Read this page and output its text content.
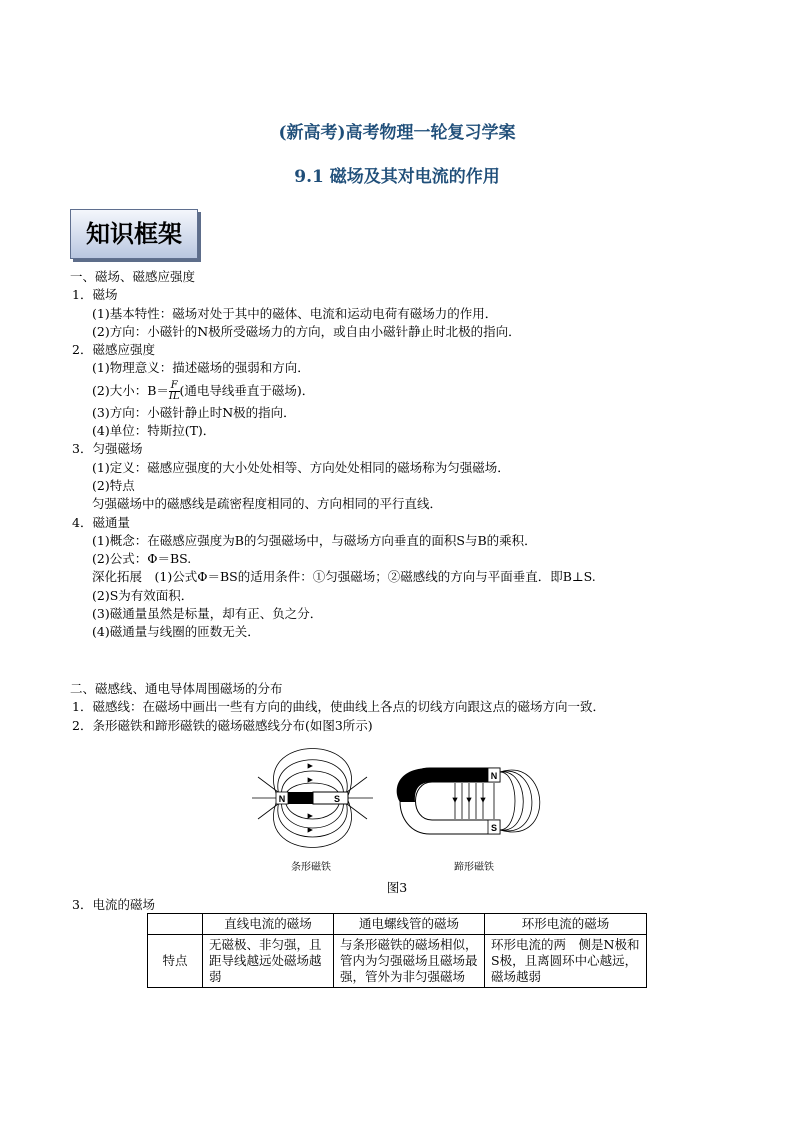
(新高考)高考物理一轮复习学案
9.1 磁场及其对电流的作用
知识框架
一、磁场、磁感应强度
1．磁场
(1)基本特性：磁场对处于其中的磁体、电流和运动电荷有磁场力的作用．
(2)方向：小磁针的N极所受磁场力的方向，或自由小磁针静止时北极的指向．
2．磁感应强度
(1)物理意义：描述磁场的强弱和方向．
(2)大小：$B= \frac{F}{IL}$ (通电导线垂直于磁场)．
(3)方向：小磁针静止时N极的指向．
(4)单位：特斯拉(T)．
3．匀强磁场
(1)定义：磁感应强度的大小处处相等、方向处处相同的磁场称为匀强磁场．
(2)特点
匀强磁场中的磁感线是疏密程度相同的、方向相同的平行直线．
4．磁通量
(1)概念：在磁感应强度为B的匀强磁场中，与磁场方向垂直的面积S与B的乘积．
(2)公式：Φ＝BS.
深化拓展　(1)公式Φ＝BS的适用条件：①匀强磁场；②磁感线的方向与平面垂直．即B⊥S.
(2)S为有效面积．
(3)磁通量虽然是标量，却有正、负之分．
(4)磁通量与线圈的匝数无关．
二、磁感线、通电导体周围磁场的分布
1．磁感线：在磁场中画出一些有方向的曲线，使曲线上各点的切线方向跟这点的磁场方向一致．
2．条形磁铁和蹄形磁铁的磁场磁感线分布(如图3所示)
N	S
条形磁铁
N
S
蹄形磁铁
图3
3．电流的磁场
	直线电流的磁场	通电螺线管的磁场	环形电流的磁场
特点	无磁极、非匀强，且距导线越远处磁场越弱	与条形磁铁的磁场相似，管内为匀强磁场且磁场最强，管外为非匀强磁场	环形电流的两　侧是N极和S极，且离圆环中心越远，磁场越弱
